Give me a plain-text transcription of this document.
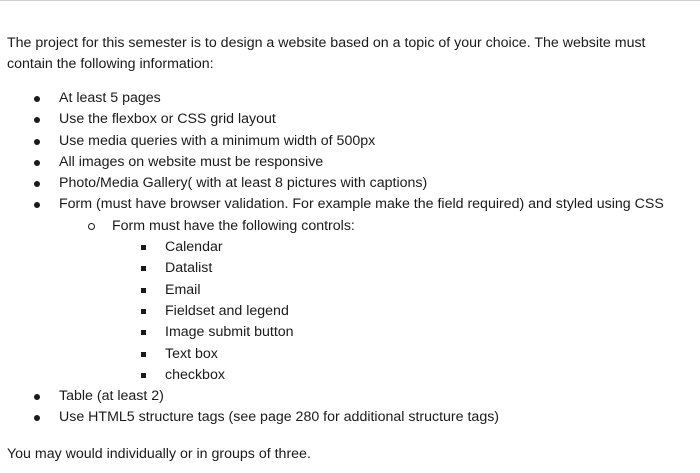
The project for this semester is to design a website based on a topic of your choice. The website must contain the following information:

At least 5 pages
Use the flexbox or CSS grid layout
Use media queries with a minimum width of 500px
All images on website must be responsive
Photo/Media Gallery( with at least 8 pictures with captions)
Form (must have browser validation. For example make the field required) and styled using CSS
Form must have the following controls:
Calendar
Datalist
Email
Fieldset and legend
Image submit button
Text box
checkbox
Table (at least 2)
Use HTML5 structure tags (see page 280 for additional structure tags)

You may would individually or in groups of three.
